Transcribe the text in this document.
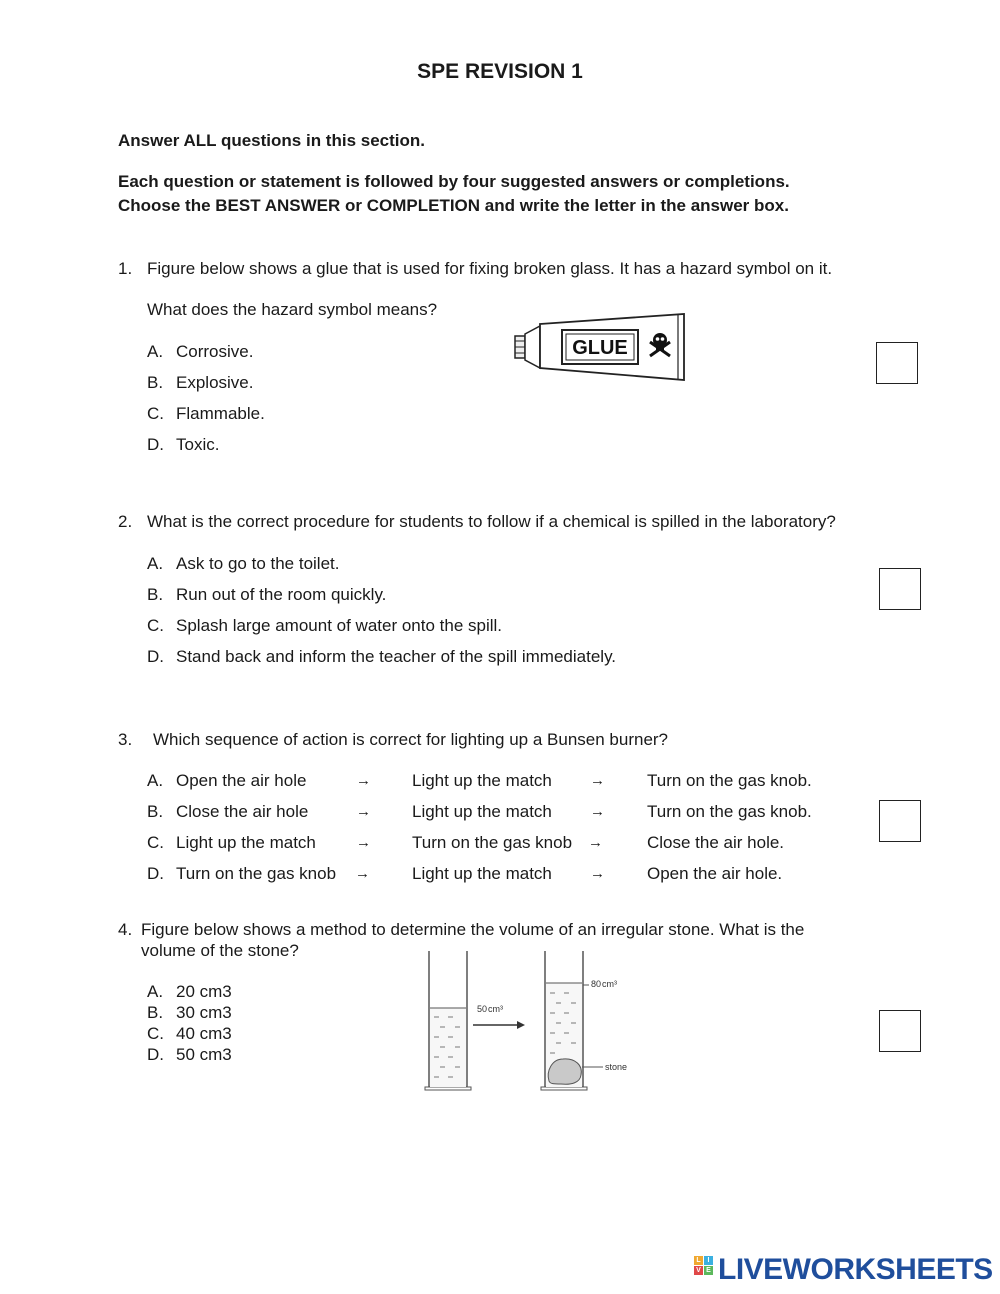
SPE REVISION 1
Answer ALL questions in this section.
Each question or statement is followed by four suggested answers or completions.
Choose the BEST ANSWER or COMPLETION and write the letter in the answer box.
1. Figure below shows a glue that is used for fixing broken glass. It has a hazard symbol on it.
What does the hazard symbol means?
A. Corrosive.
B. Explosive.
C. Flammable.
D. Toxic.
GLUE
2. What is the correct procedure for students to follow if a chemical is spilled in the laboratory?
A. Ask to go to the toilet.
B. Run out of the room quickly.
C. Splash large amount of water onto the spill.
D. Stand back and inform the teacher of the spill immediately.
3. Which sequence of action is correct for lighting up a Bunsen burner?
A. Open the air hole	→ Light up the match	→ Turn on the gas knob.
B. Close the air hole	→ Light up the match	→ Turn on the gas knob.
C. Light up the match	→ Turn on the gas knob →	Close the air hole.
D. Turn on the gas knob → Light up the match	→ Open the air hole.
4. Figure below shows a method to determine the volume of an irregular stone. What is the
volume of the stone?
A. 20 cm3
B. 30 cm3
C. 40 cm3
D. 50 cm3
50cm³
80cm³
stone
L I
V E LIVEWORKSHEETS
